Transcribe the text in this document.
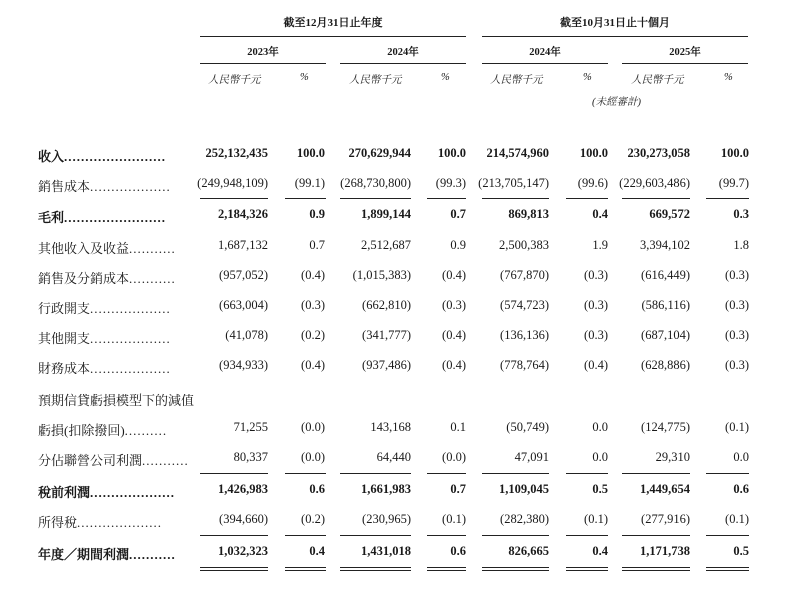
截至12月31日止年度	截至10月31日止十個月
2023年	2024年	2024年	2025年
人民幣千元	%	人民幣千元	%	人民幣千元	%	人民幣千元	%
(未經審計)
收入........................	252,132,435 100.0 270,629,944 100.0 214,574,960 100.0 230,273,058 100.0
銷售成本................... (249,948,109) (99.1) (268,730,800) (99.3) (213,705,147) (99.6) (229,603,486) (99.7)
毛利........................	2,184,326	0.9	1,899,144	0.7	869,813	0.4	669,572	0.3
其他收入及收益...........	1,687,132	0.7	2,512,687	0.9	2,500,383	1.9	3,394,102	1.8
銷售及分銷成本...........	(957,052)	(0.4) (1,015,383) (0.4)	(767,870)	(0.3)	(616,449)	(0.3)
行政開支...................	(663,004)	(0.3)	(662,810) (0.3)	(574,723)	(0.3)	(586,116)	(0.3)
其他開支...................	(41,078)	(0.2)	(341,777) (0.4)	(136,136)	(0.3)	(687,104)	(0.3)
財務成本...................	(934,933)	(0.4)	(937,486) (0.4)	(778,764)	(0.4)	(628,886)	(0.3)
預期信貸虧損模型下的減值
虧損(扣除撥回)..........	71,255	(0.0)	143,168	0.1	(50,749)	0.0	(124,775)	(0.1)
分佔聯營公司利潤...........	80,337	(0.0)	64,440 (0.0)	47,091	0.0	29,310	0.0
稅前利潤....................	1,426,983	0.6	1,661,983	0.7	1,109,045	0.5	1,449,654	0.6
所得稅....................	(394,660)	(0.2)	(230,965) (0.1)	(282,380)	(0.1)	(277,916)	(0.1)
年度／期間利潤...........	1,032,323	0.4	1,431,018	0.6	826,665	0.4	1,171,738	0.5
